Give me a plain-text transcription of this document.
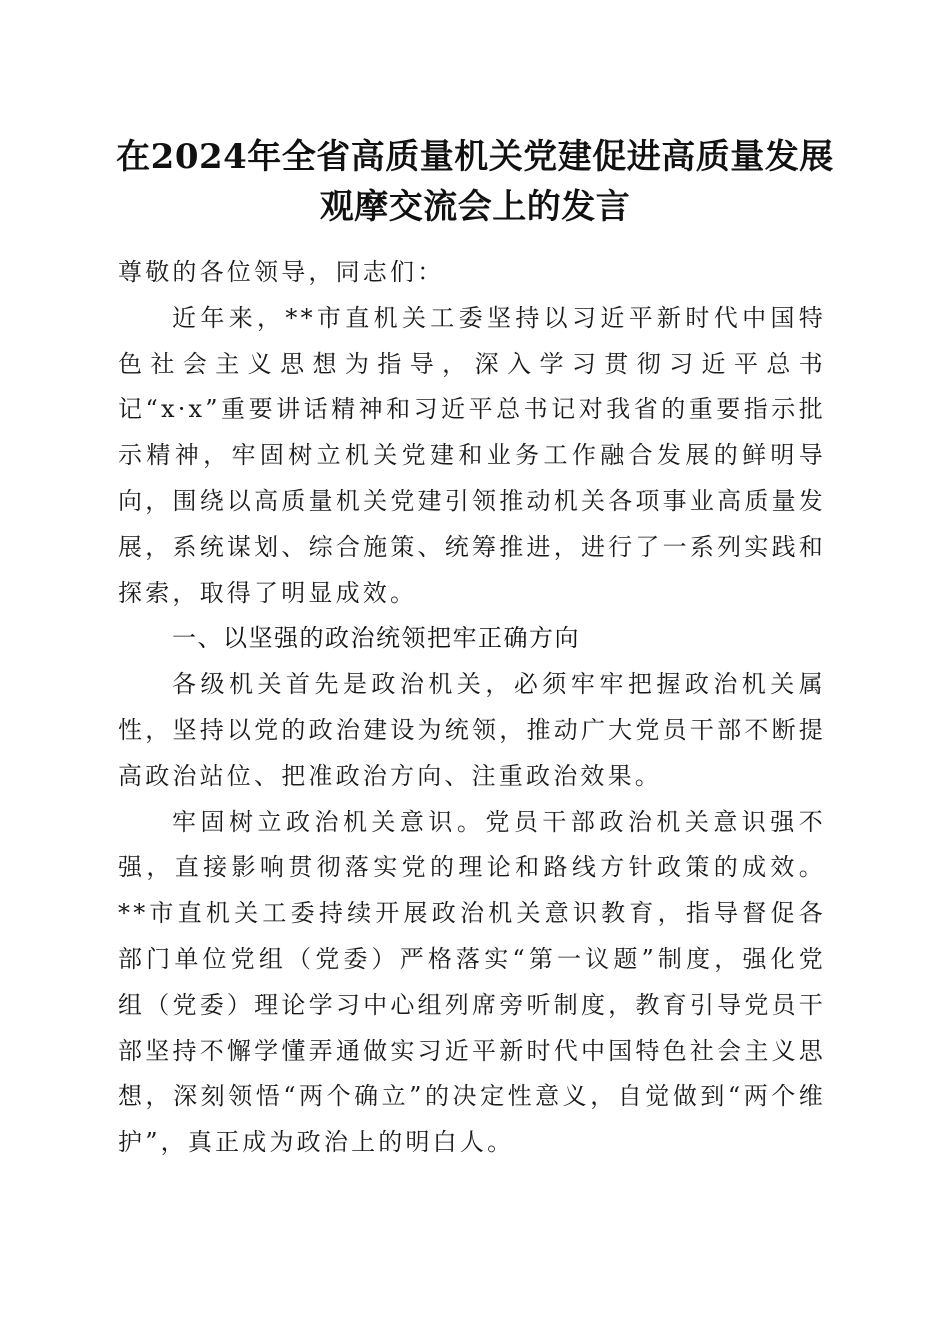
在2024年全省高质量机关党建促进高质量发展观摩交流会上的发言

尊敬的各位领导，同志们：

近年来，**市直机关工委坚持以习近平新时代中国特色社会主义思想为指导，深入学习贯彻习近平总书记“x·x”重要讲话精神和习近平总书记对我省的重要指示批示精神，牢固树立机关党建和业务工作融合发展的鲜明导向，围绕以高质量机关党建引领推动机关各项事业高质量发展，系统谋划、综合施策、统筹推进，进行了一系列实践和探索，取得了明显成效。

一、以坚强的政治统领把牢正确方向

各级机关首先是政治机关，必须牢牢把握政治机关属性，坚持以党的政治建设为统领，推动广大党员干部不断提高政治站位、把准政治方向、注重政治效果。

牢固树立政治机关意识。党员干部政治机关意识强不强，直接影响贯彻落实党的理论和路线方针政策的成效。**市直机关工委持续开展政治机关意识教育，指导督促各部门单位党组（党委）严格落实“第一议题”制度，强化党组（党委）理论学习中心组列席旁听制度，教育引导党员干部坚持不懈学懂弄通做实习近平新时代中国特色社会主义思想，深刻领悟“两个确立”的决定性意义，自觉做到“两个维护”，真正成为政治上的明白人。
